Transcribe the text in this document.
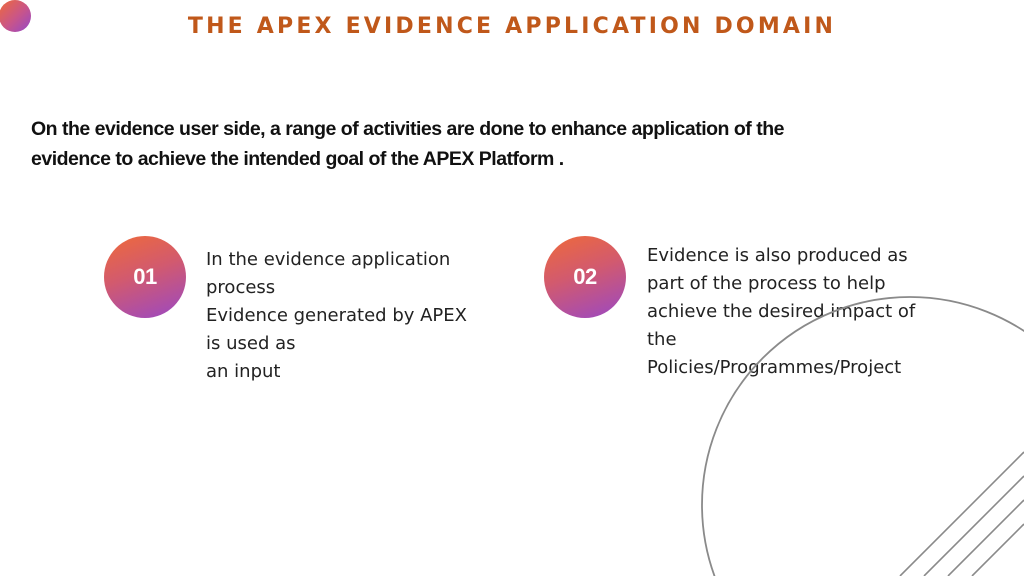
THE APEX EVIDENCE APPLICATION DOMAIN
On the evidence user side, a range of activities are done to enhance application of the
evidence to achieve the intended goal of the APEX Platform .
01
In the evidence application
process
Evidence generated by APEX
is used as
an input
02
Evidence is also produced as
part of the process to help
achieve the desired impact of
the
Policies/Programmes/Project
